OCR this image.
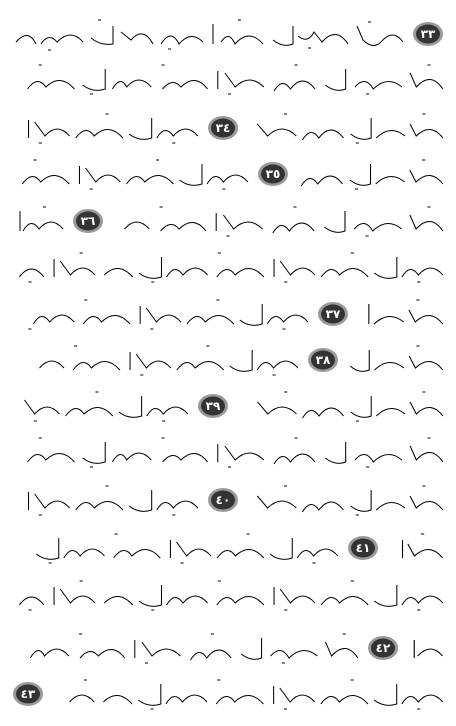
٣٣
٣٤
٣٥
٣٦
٣٧
٣٨
٣٩
٤٠
٤١
٤٢
٤٣
